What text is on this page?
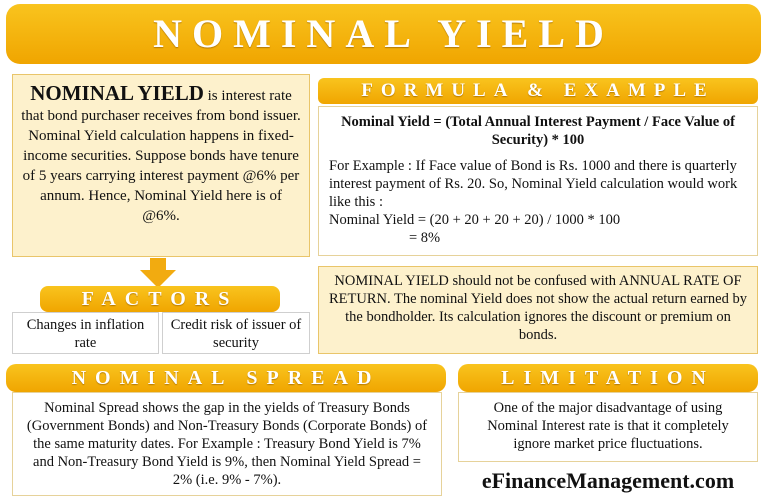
NOMINAL YIELD
NOMINAL YIELD is interest rate that bond purchaser receives from bond issuer. Nominal Yield calculation happens in fixed-income securities. Suppose bonds have tenure of 5 years carrying interest payment @6% per annum. Hence, Nominal Yield here is of @6%.
FACTORS
Changes in inflation rate
Credit risk of issuer of security
FORMULA & EXAMPLE
Nominal Yield = (Total Annual Interest Payment / Face Value of Security) * 100
For Example : If Face value of Bond is Rs. 1000 and there is quarterly interest payment of Rs. 20. So, Nominal Yield calculation would work like this :
Nominal Yield = (20 + 20 + 20 + 20) / 1000 * 100
= 8%
NOMINAL YIELD should not be confused with ANNUAL RATE OF RETURN. The nominal Yield does not show the actual return earned by the bondholder. Its calculation ignores the discount or premium on bonds.
NOMINAL SPREAD
Nominal Spread shows the gap in the yields of Treasury Bonds (Government Bonds) and Non-Treasury Bonds (Corporate Bonds) of the same maturity dates. For Example : Treasury Bond Yield is 7% and Non-Treasury Bond Yield is 9%, then Nominal Yield Spread = 2% (i.e. 9% - 7%).
LIMITATION
One of the major disadvantage of using Nominal Interest rate is that it completely ignore market price fluctuations.
eFinanceManagement.com
